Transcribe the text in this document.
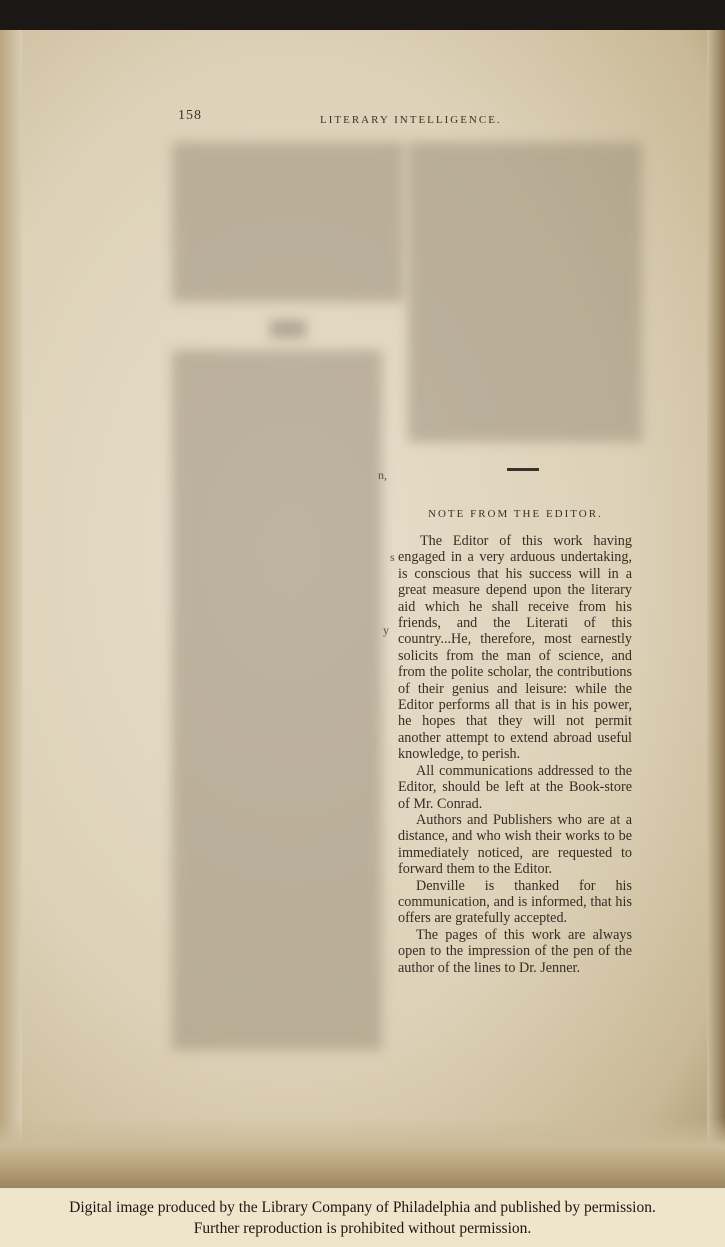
158	LITERARY INTELLIGENCE.
n,
s
y
NOTE FROM THE EDITOR.

The Editor of this work having engaged in a very arduous undertaking, is conscious that his success will in a great measure depend upon the literary aid which he shall receive from his friends, and the Literati of this country...He, therefore, most earnestly solicits from the man of science, and from the polite scholar, the contributions of their genius and leisure: while the Editor performs all that is in his power, he hopes that they will not permit another attempt to extend abroad useful knowledge, to perish.

All communications addressed to the Editor, should be left at the Book-store of Mr. Conrad.

Authors and Publishers who are at a distance, and who wish their works to be immediately noticed, are requested to forward them to the Editor.

Denville is thanked for his communication, and is informed, that his offers are gratefully accepted.

The pages of this work are always open to the impression of the pen of the author of the lines to Dr. Jenner.

Digital image produced by the Library Company of Philadelphia and published by permission.
Further reproduction is prohibited without permission.
